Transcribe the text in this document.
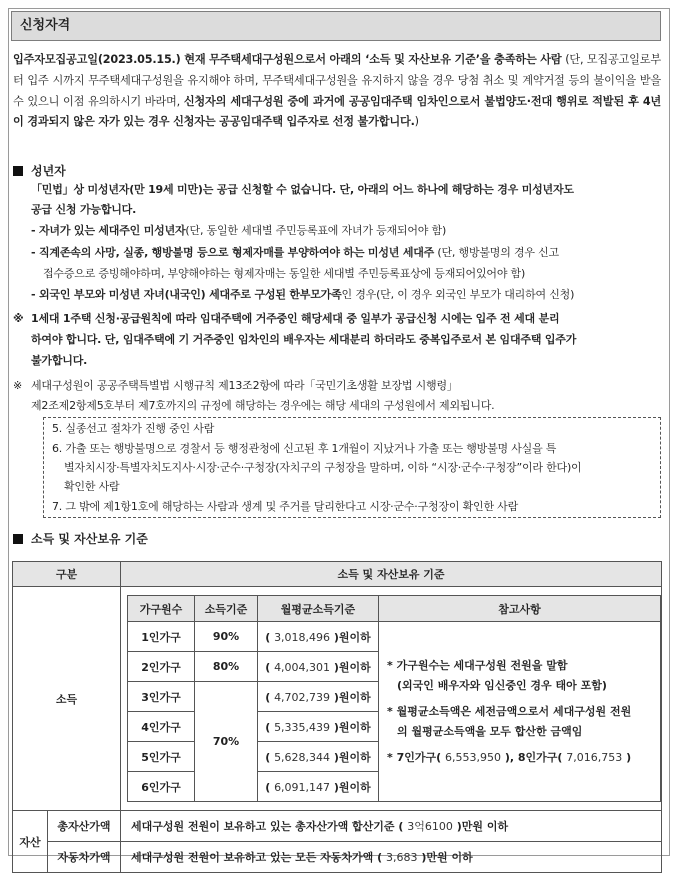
신청자격
입주자모집공고일(2023.05.15.) 현재 무주택세대구성원으로서 아래의 ‘소득 및 자산보유 기준’을 충족하는 사람 (단, 모집공고일로부터 입주 시까지 무주택세대구성원을 유지해야 하며, 무주택세대구성원을 유지하지 않을 경우 당첨 취소 및 계약거절 등의 불이익을 받을 수 있으니 이점 유의하시기 바라며, 신청자의 세대구성원 중에 과거에 공공임대주택 임차인으로서 불법양도·전대 행위로 적발된 후 4년이 경과되지 않은 자가 있는 경우 신청자는 공공임대주택 입주자로 선정 불가합니다.)
성년자
「민법」상 미성년자(만 19세 미만)는 공급 신청할 수 없습니다. 단, 아래의 어느 하나에 해당하는 경우 미성년자도
공급 신청 가능합니다.
- 자녀가 있는 세대주인 미성년자(단, 동일한 세대별 주민등록표에 자녀가 등재되어야 함)
- 직계존속의 사망, 실종, 행방불명 등으로 형제자매를 부양하여야 하는 미성년 세대주 (단, 행방불명의 경우 신고
접수증으로 증빙해야하며, 부양해야하는 형제자매는 동일한 세대별 주민등록표상에 등재되어있어야 함)
- 외국인 부모와 미성년 자녀(내국인) 세대주로 구성된 한부모가족인 경우(단, 이 경우 외국인 부모가 대리하여 신청)
※ 1세대 1주택 신청·공급원칙에 따라 임대주택에 거주중인 해당세대 중 일부가 공급신청 시에는 입주 전 세대 분리
하여야 합니다. 단, 임대주택에 기 거주중인 임차인의 배우자는 세대분리 하더라도 중복입주로서 본 임대주택 입주가
불가합니다.
※ 세대구성원이 공공주택특별법 시행규칙 제13조2항에 따라「국민기초생활 보장법 시행령」
제2조제2항제5호부터 제7호까지의 규정에 해당하는 경우에는 해당 세대의 구성원에서 제외됩니다.
5. 실종선고 절차가 진행 중인 사람
6. 가출 또는 행방불명으로 경찰서 등 행정관청에 신고된 후 1개월이 지났거나 가출 또는 행방불명 사실을 특
별자치시장·특별자치도지사·시장·군수·구청장(자치구의 구청장을 말하며, 이하 “시장·군수·구청장”이라 한다)이
확인한 사람
7. 그 밖에 제1항1호에 해당하는 사람과 생계 및 주거를 달리한다고 시장·군수·구청장이 확인한 사람
소득 및 자산보유 기준
구분	소득 및 자산보유 기준
소득	
가구원수	소득기준	월평균소득기준	참고사항
1인가구	90%	( 3,018,496 )원이하	
* 가구원수는 세대구성원 전원을 말함
(외국인 배우자와 임신중인 경우 태아 포함)
* 월평균소득액은 세전금액으로서 세대구성원 전원
의 월평균소득액을 모두 합산한 금액임
* 7인가구( 6,553,950 ), 8인가구( 7,016,753 )

2인가구	80%	( 4,004,301 )원이하
3인가구	70%	( 4,702,739 )원이하
4인가구	( 5,335,439 )원이하
5인가구	( 5,628,344 )원이하
6인가구	( 6,091,147 )원이하

자산	총자산가액	세대구성원 전원이 보유하고 있는 총자산가액 합산기준 ( 3억6100 )만원 이하
자동차가액	세대구성원 전원이 보유하고 있는 모든 자동차가액 ( 3,683 )만원 이하
